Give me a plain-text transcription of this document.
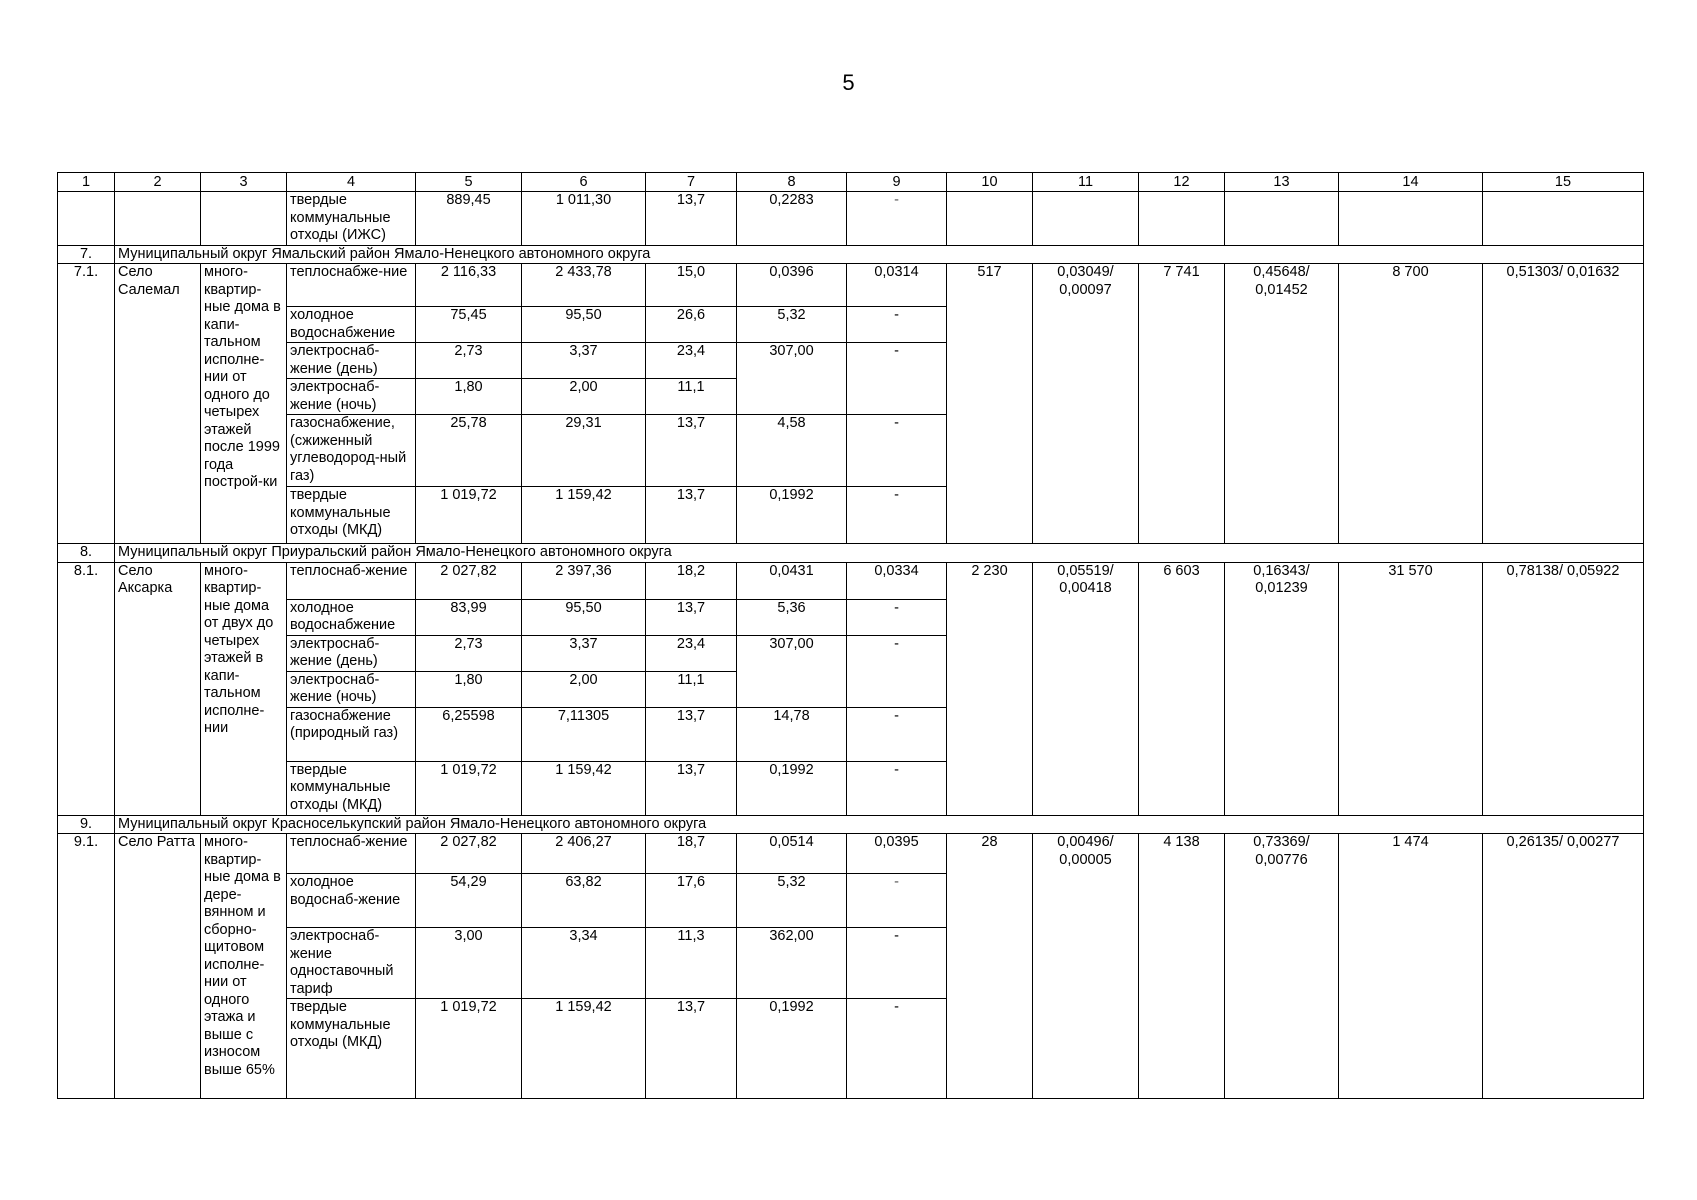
5
1	2	3	4	5	6	7	8	9	10	11	12	13	14	15
			твердые коммунальные отходы (ИЖС)	889,45	1 011,30	13,7	0,2283	-						
7.	Муниципальный округ Ямальский район Ямало-Ненецкого автономного округа													
7.1.	Село Салемал	много-квартир-ные дома в капи-тальном исполне-нии от одного до четырех этажей после 1999 года построй-ки	теплоснабже-ние	2 116,33	2 433,78	15,0	0,0396	0,0314	517	0,03049/ 0,00097	7 741	0,45648/ 0,01452	8 700	0,51303/ 0,01632
			холодное водоснабжение	75,45	95,50	26,6	5,32	-						
			электроснаб-жение (день)	2,73	3,37	23,4	307,00	-						
			электроснаб-жение (ночь)	1,80	2,00	11,1								
			газоснабжение, (сжиженный углеводород-ный газ)	25,78	29,31	13,7	4,58	-						
			твердые коммунальные отходы (МКД)	1 019,72	1 159,42	13,7	0,1992	-						
8.	Муниципальный округ Приуральский район Ямало-Ненецкого автономного округа													
8.1.	Село Аксарка	много-квартир-ные дома от двух до четырех этажей в капи-тальном исполне-нии	теплоснаб-жение	2 027,82	2 397,36	18,2	0,0431	0,0334	2 230	0,05519/ 0,00418	6 603	0,16343/ 0,01239	31 570	0,78138/ 0,05922
			холодное водоснабжение	83,99	95,50	13,7	5,36	-						
			электроснаб-жение (день)	2,73	3,37	23,4	307,00	-						
			электроснаб-жение (ночь)	1,80	2,00	11,1								
			газоснабжение (природный газ)	6,25598	7,11305	13,7	14,78	-						
			твердые коммунальные отходы (МКД)	1 019,72	1 159,42	13,7	0,1992	-						
9.	Муниципальный округ Красноселькупский район Ямало-Ненецкого автономного округа													
9.1.	Село Ратта	много-квартир-ные дома в дере-вянном и сборно-щитовом исполне-нии от одного этажа и выше с износом выше 65%	теплоснаб-жение	2 027,82	2 406,27	18,7	0,0514	0,0395	28	0,00496/ 0,00005	4 138	0,73369/ 0,00776	1 474	0,26135/ 0,00277
			холодное водоснаб-жение	54,29	63,82	17,6	5,32	-						
			электроснаб-жение одноставочный тариф	3,00	3,34	11,3	362,00	-						
			твердые коммунальные отходы (МКД)	1 019,72	1 159,42	13,7	0,1992	-						
